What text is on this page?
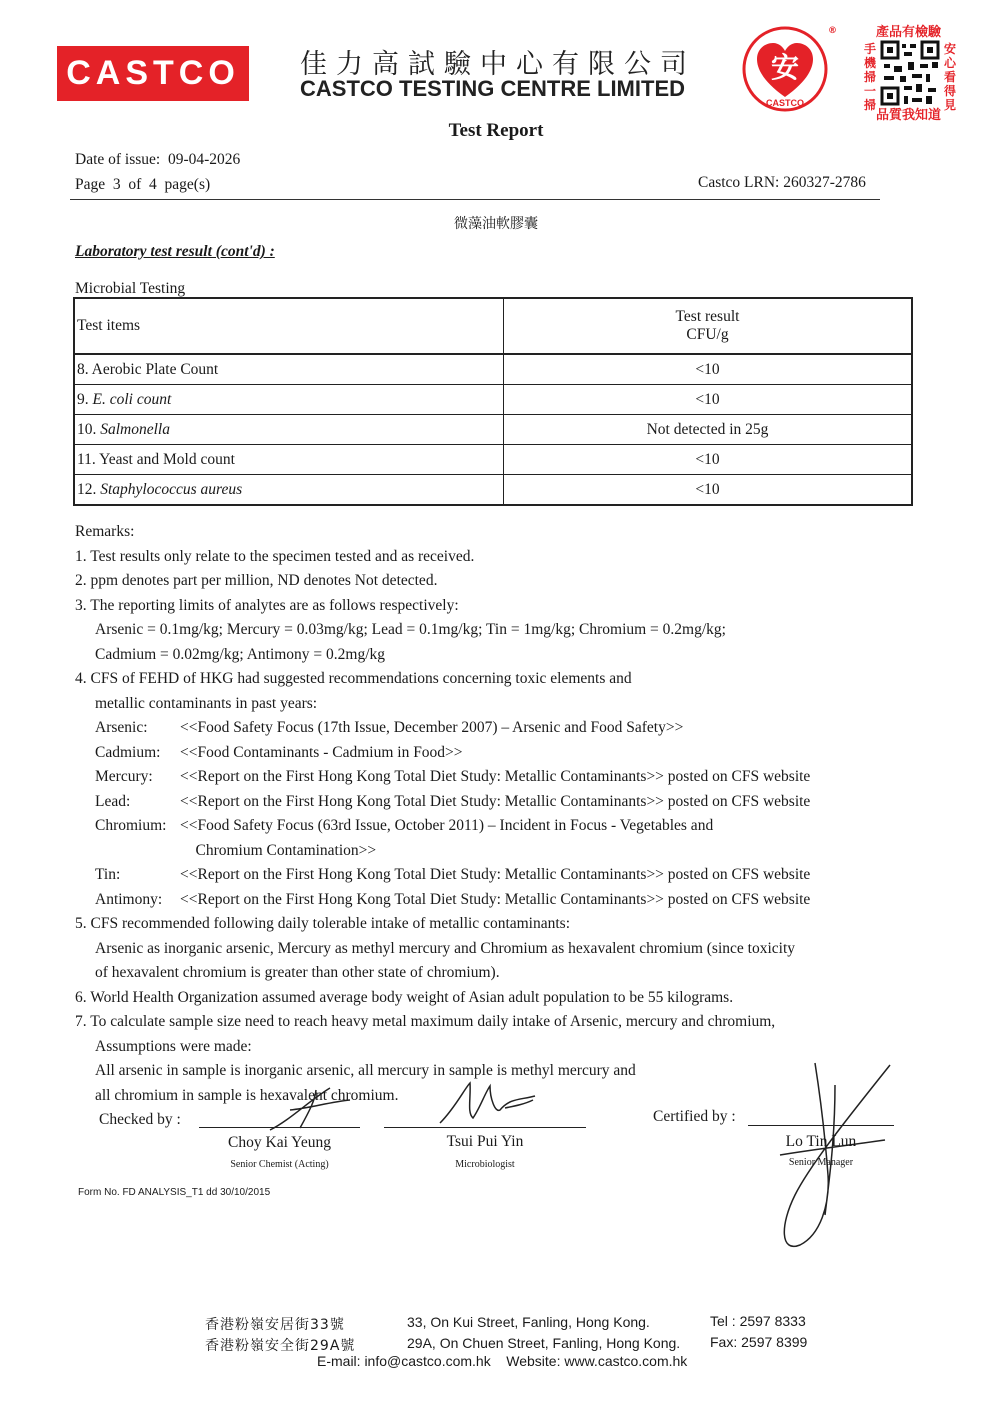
CASTCO	佳力高試驗中心有限公司
CASTCO TESTING CENTRE LIMITED
安
CASTCO
®	產品有檢驗
手
機
掃
一
掃
安
心
看
得
見
品質我知道
Test Report
Date of issue: 09-04-2026
Page  3  of  4  page(s)	Castco LRN: 260327-2786
微藻油軟膠囊
Laboratory test result (cont'd) :
Microbial Testing
Test items	Test result
CFU/g

8. Aerobic Plate Count	<10
9. E. coli count	<10
10. Salmonella	Not detected in 25g
11. Yeast and Mold count	<10
12. Staphylococcus aureus	<10
Remarks:
1. Test results only relate to the specimen tested and as received.
2. ppm denotes part per million, ND denotes Not detected.
3. The reporting limits of analytes are as follows respectively:
Arsenic = 0.1mg/kg; Mercury = 0.03mg/kg; Lead = 0.1mg/kg; Tin = 1mg/kg; Chromium = 0.2mg/kg;
Cadmium = 0.02mg/kg; Antimony = 0.2mg/kg
4. CFS of FEHD of HKG had suggested recommendations concerning toxic elements and
metallic contaminants in past years:
Arsenic:	<<Food Safety Focus (17th Issue, December 2007) – Arsenic and Food Safety>>
Cadmium:	<<Food Contaminants - Cadmium in Food>>
Mercury:	<<Report on the First Hong Kong Total Diet Study: Metallic Contaminants>> posted on CFS website
Lead:	<<Report on the First Hong Kong Total Diet Study: Metallic Contaminants>> posted on CFS website
Chromium: <<Food Safety Focus (63rd Issue, October 2011) – Incident in Focus - Vegetables and
Chromium Contamination>>
Tin:	<<Report on the First Hong Kong Total Diet Study: Metallic Contaminants>> posted on CFS website
Antimony:	<<Report on the First Hong Kong Total Diet Study: Metallic Contaminants>> posted on CFS website
5. CFS recommended following daily tolerable intake of metallic contaminants:
Arsenic as inorganic arsenic, Mercury as methyl mercury and Chromium as hexavalent chromium (since toxicity
of hexavalent chromium is greater than other state of chromium).
6. World Health Organization assumed average body weight of Asian adult population to be 55 kilograms.
7. To calculate sample size need to reach heavy metal maximum daily intake of Arsenic, mercury and chromium,
Assumptions were made:
All arsenic in sample is inorganic arsenic, all mercury in sample is methyl mercury and
all chromium in sample is hexavalent chromium.
Checked by :	Certified by :
Choy Kai Yeung
Senior Chemist (Acting)
Tsui Pui Yin
Microbiologist
Lo Tin Lun
Senior Manager
Form No. FD ANALYSIS_T1 dd 30/10/2015
香港粉嶺安居街33號	33, On Kui Street, Fanling, Hong Kong.	Tel : 2597 8333
香港粉嶺安全街29A號	29A, On Chuen Street, Fanling, Hong Kong. Fax: 2597 8399
E-mail: info@castco.com.hk    Website: www.castco.com.hk
